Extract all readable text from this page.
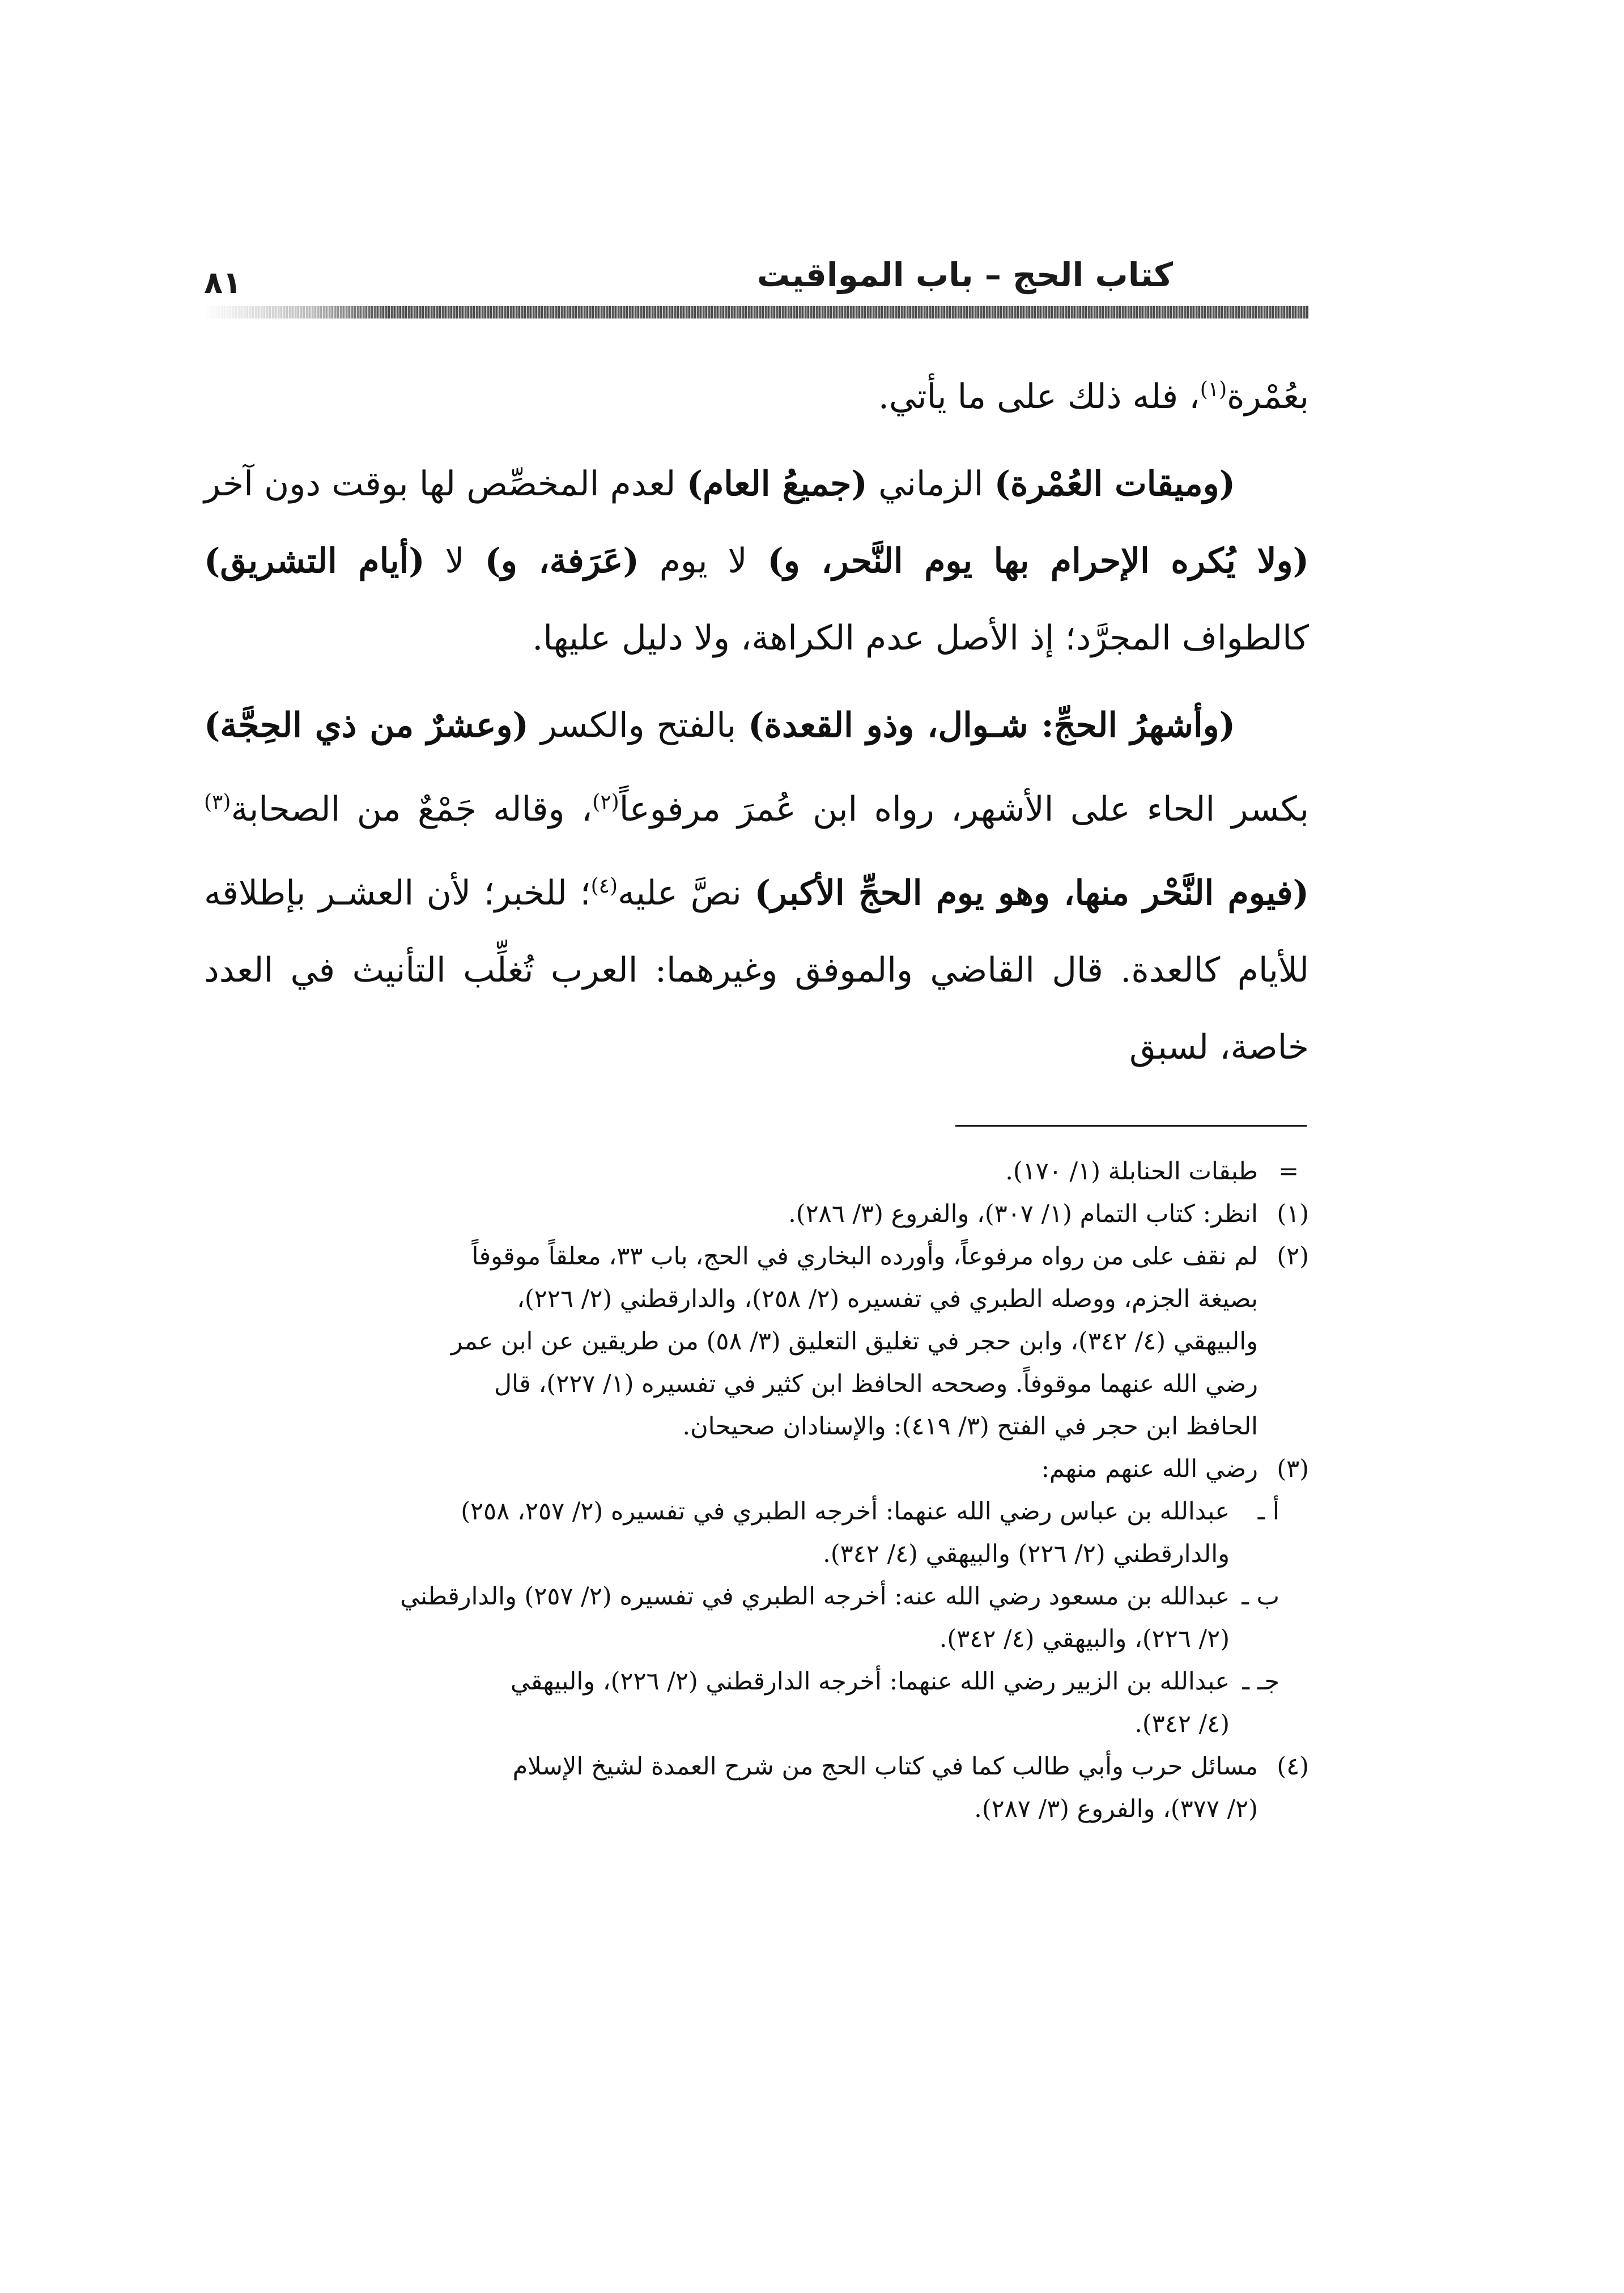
كتاب الحج – باب المواقيت
٨١

بعُمْرة$^{(١)}$، فله ذلك على ما يأتي.

(وميقات العُمْرة) الزماني (جميعُ العام) لعدم المخصِّص لها بوقت دون آخر (ولا يُكره الإحرام بها يوم النَّحر، و) لا يوم (عَرَفة، و) لا (أيام التشريق) كالطواف المجرَّد؛ إذ الأصل عدم الكراهة، ولا دليل عليها.

(وأشهرُ الحجِّ: شـوال، وذو القعدة) بالفتح والكسر (وعشرٌ من ذي الحِجَّة) بكسر الحاء على الأشهر، رواه ابن عُمرَ مرفوعاً$^{(٢)}$، وقاله جَمْعٌ من الصحابة$^{(٣)}$ (فيوم النَّحْر منها، وهو يوم الحجِّ الأكبر) نصَّ عليه$^{(٤)}$؛ للخبر؛ لأن العشـر بإطلاقه للأيام كالعدة. قال القاضي والموفق وغيرهما: العرب تُغلِّب التأنيث في العدد خاصة، لسبق

=
طبقات الحنابلة (١/ ١٧٠).
(١)
انظر: كتاب التمام (١/ ٣٠٧)، والفروع (٣/ ٢٨٦).
(٢)
لم نقف على من رواه مرفوعاً، وأورده البخاري في الحج، باب ٣٣، معلقاً موقوفاً
بصيغة الجزم، ووصله الطبري في تفسيره (٢/ ٢٥٨)، والدارقطني (٢/ ٢٢٦)،
والبيهقي (٤/ ٣٤٢)، وابن حجر في تغليق التعليق (٣/ ٥٨) من طريقين عن ابن عمر
رضي الله عنهما موقوفاً. وصححه الحافظ ابن كثير في تفسيره (١/ ٢٢٧)، قال
الحافظ ابن حجر في الفتح (٣/ ٤١٩): والإسنادان صحيحان.
(٣)
رضي الله عنهم منهم:
أ ـ
عبدالله بن عباس رضي الله عنهما: أخرجه الطبري في تفسيره (٢/ ٢٥٧، ٢٥٨)
والدارقطني (٢/ ٢٢٦) والبيهقي (٤/ ٣٤٢).
ب ـ
عبدالله بن مسعود رضي الله عنه: أخرجه الطبري في تفسيره (٢/ ٢٥٧) والدارقطني
(٢/ ٢٢٦)، والبيهقي (٤/ ٣٤٢).
جـ ـ
عبدالله بن الزبير رضي الله عنهما: أخرجه الدارقطني (٢/ ٢٢٦)، والبيهقي
(٤/ ٣٤٢).
(٤)
مسائل حرب وأبي طالب كما في كتاب الحج من شرح العمدة لشيخ الإسلام
(٢/ ٣٧٧)، والفروع (٣/ ٢٨٧).
